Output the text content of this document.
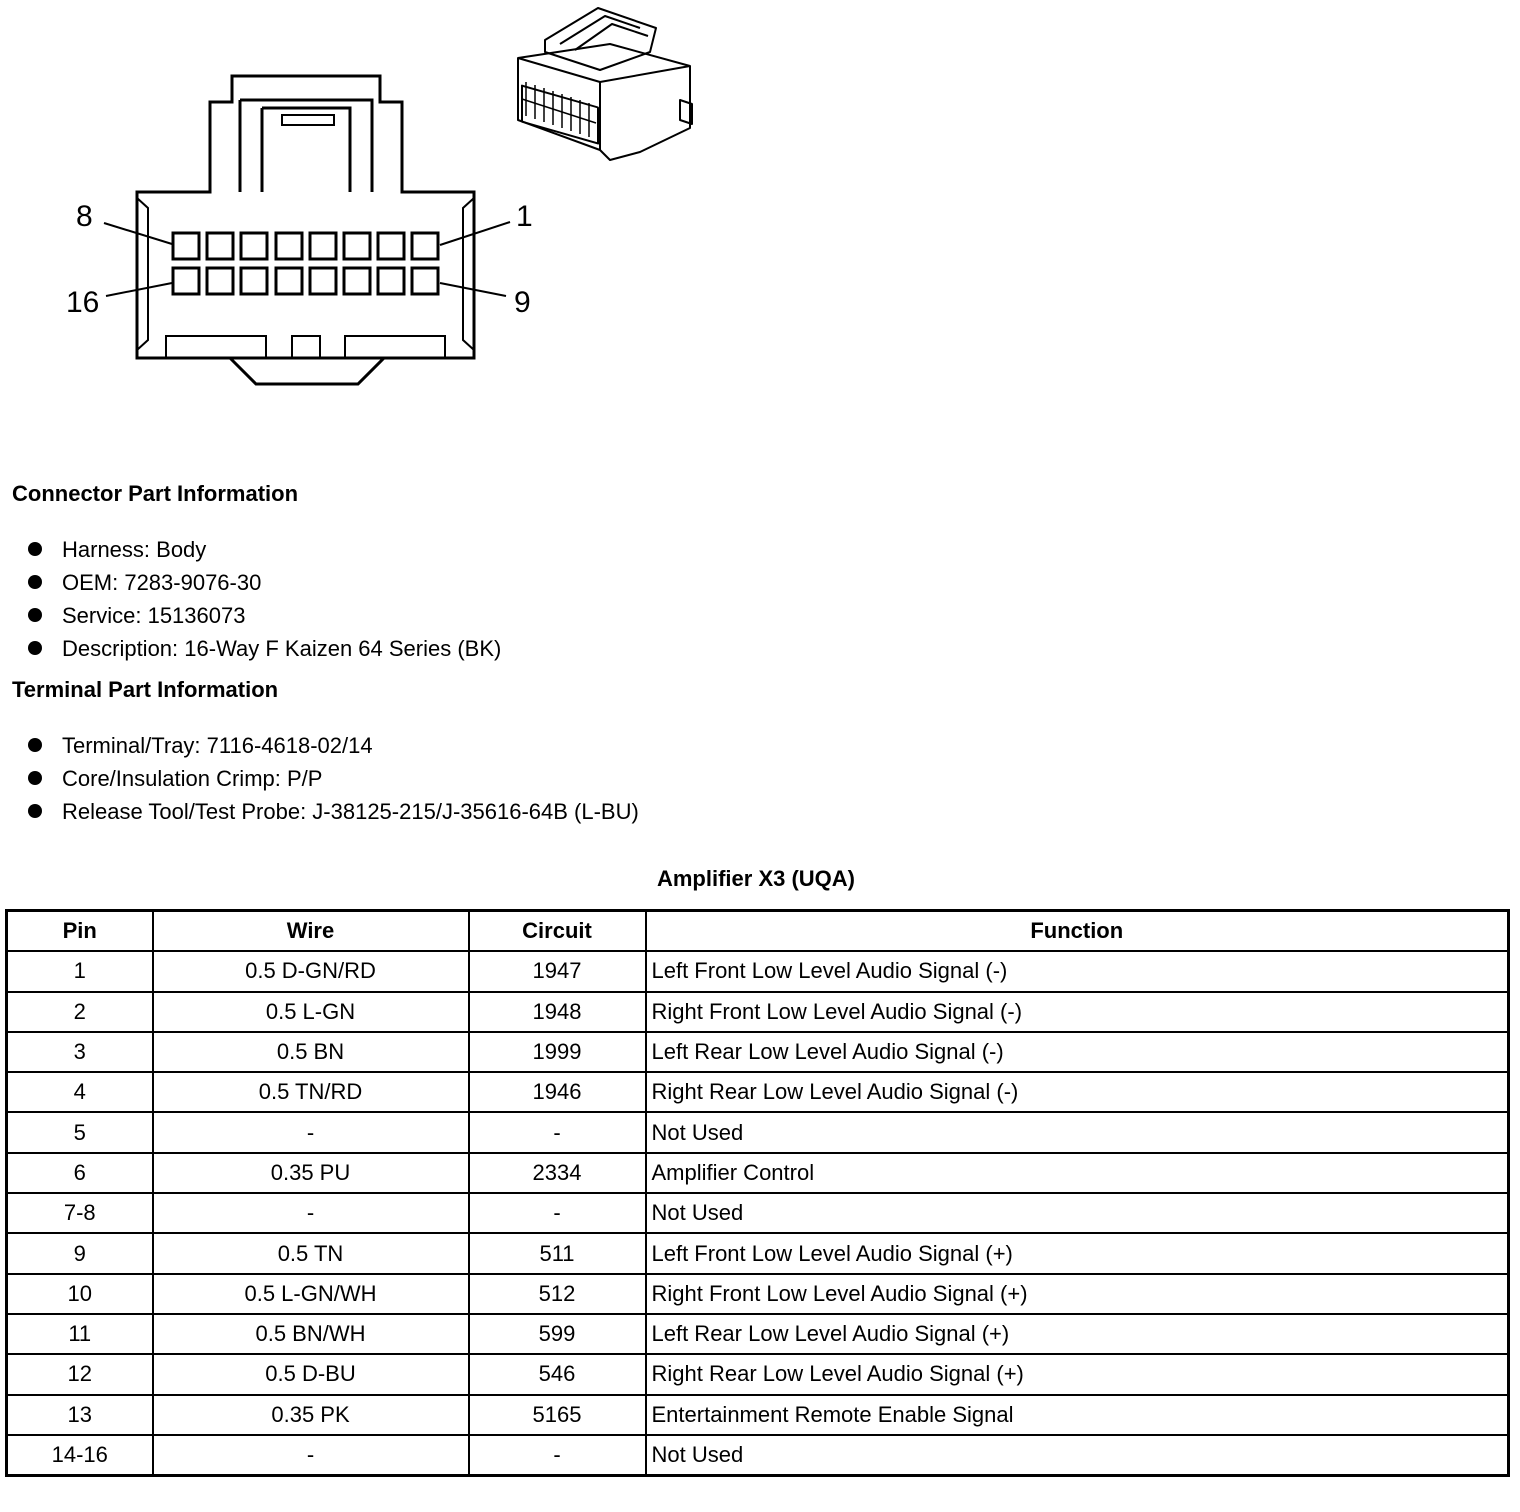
8	1
16	9
Connector Part Information
Harness: Body
OEM: 7283-9076-30
Service: 15136073
Description: 16-Way F Kaizen 64 Series (BK)
Terminal Part Information
Terminal/Tray: 7116-4618-02/14
Core/Insulation Crimp: P/P
Release Tool/Test Probe: J-38125-215/J-35616-64B (L-BU)
Amplifier X3 (UQA)
Pin	Wire	Circuit	Function
1	0.5 D-GN/RD	1947	Left Front Low Level Audio Signal (-)
2	0.5 L-GN	1948	Right Front Low Level Audio Signal (-)
3	0.5 BN	1999	Left Rear Low Level Audio Signal (-)
4	0.5 TN/RD	1946	Right Rear Low Level Audio Signal (-)
5	-	-	Not Used
6	0.35 PU	2334	Amplifier Control
7-8	-	-	Not Used
9	0.5 TN	511	Left Front Low Level Audio Signal (+)
10	0.5 L-GN/WH	512	Right Front Low Level Audio Signal (+)
11	0.5 BN/WH	599	Left Rear Low Level Audio Signal (+)
12	0.5 D-BU	546	Right Rear Low Level Audio Signal (+)
13	0.35 PK	5165	Entertainment Remote Enable Signal
14-16	-	-	Not Used
